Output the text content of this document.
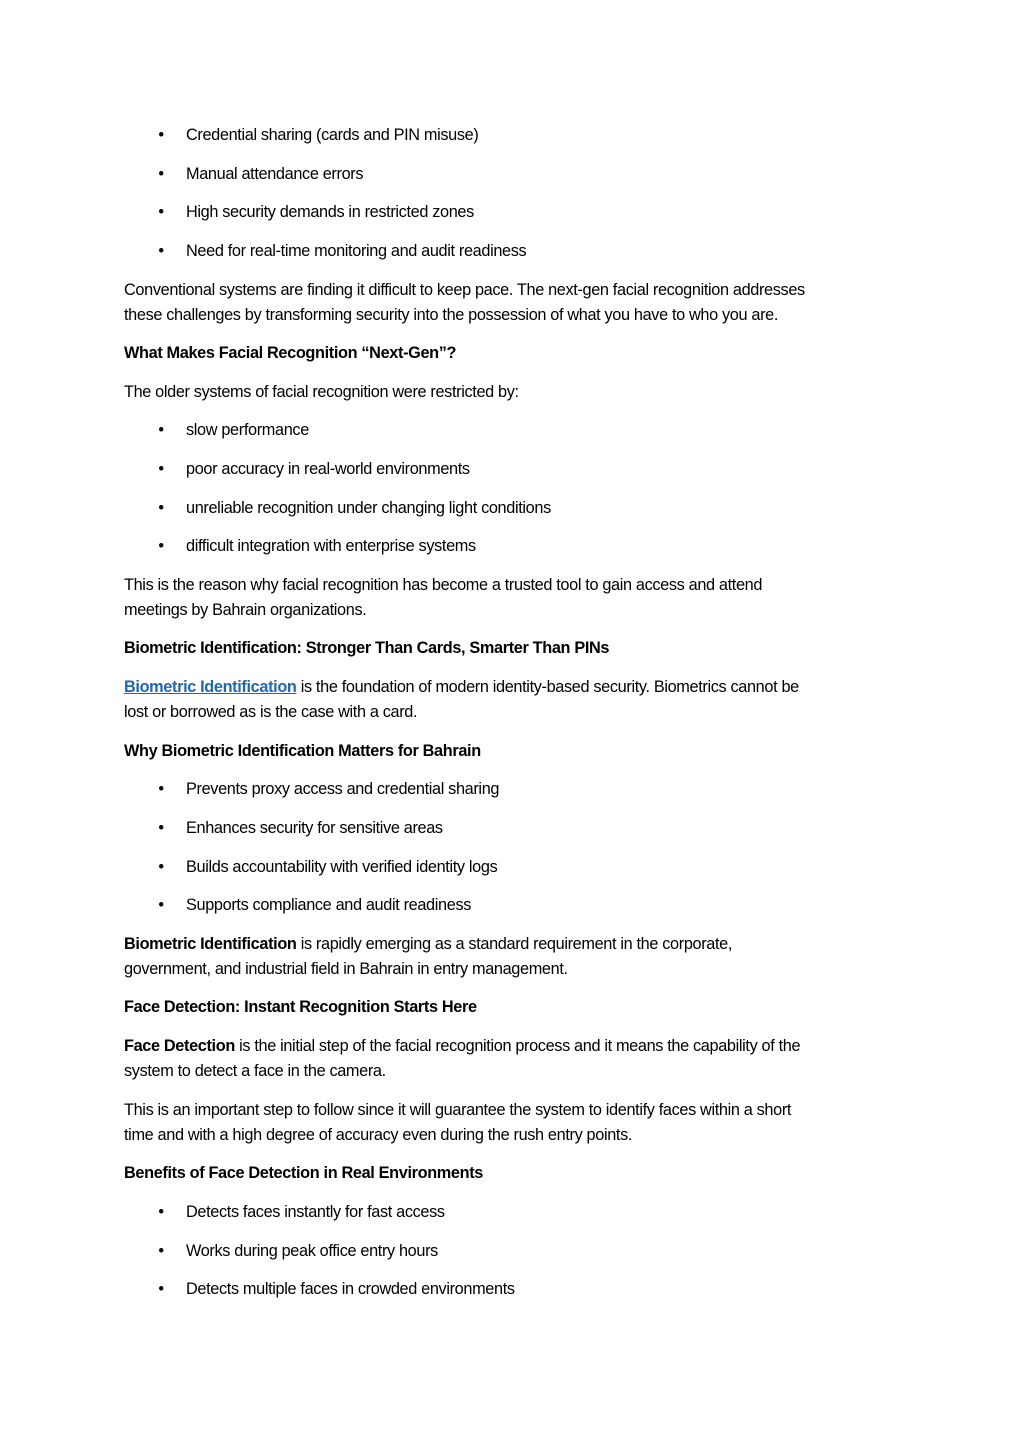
• Credential sharing (cards and PIN misuse)
• Manual attendance errors
• High security demands in restricted zones
• Need for real-time monitoring and audit readiness
Conventional systems are finding it difficult to keep pace. The next-gen facial recognition addresses
these challenges by transforming security into the possession of what you have to who you are.
What Makes Facial Recognition “Next-Gen”?
The older systems of facial recognition were restricted by:
• slow performance
• poor accuracy in real-world environments
• unreliable recognition under changing light conditions
• difficult integration with enterprise systems
This is the reason why facial recognition has become a trusted tool to gain access and attend
meetings by Bahrain organizations.
Biometric Identification: Stronger Than Cards, Smarter Than PINs
Biometric Identification is the foundation of modern identity-based security. Biometrics cannot be
lost or borrowed as is the case with a card.
Why Biometric Identification Matters for Bahrain
• Prevents proxy access and credential sharing
• Enhances security for sensitive areas
• Builds accountability with verified identity logs
• Supports compliance and audit readiness
Biometric Identification is rapidly emerging as a standard requirement in the corporate,
government, and industrial field in Bahrain in entry management.
Face Detection: Instant Recognition Starts Here
Face Detection is the initial step of the facial recognition process and it means the capability of the
system to detect a face in the camera.
This is an important step to follow since it will guarantee the system to identify faces within a short
time and with a high degree of accuracy even during the rush entry points.
Benefits of Face Detection in Real Environments
• Detects faces instantly for fast access
• Works during peak office entry hours
• Detects multiple faces in crowded environments
